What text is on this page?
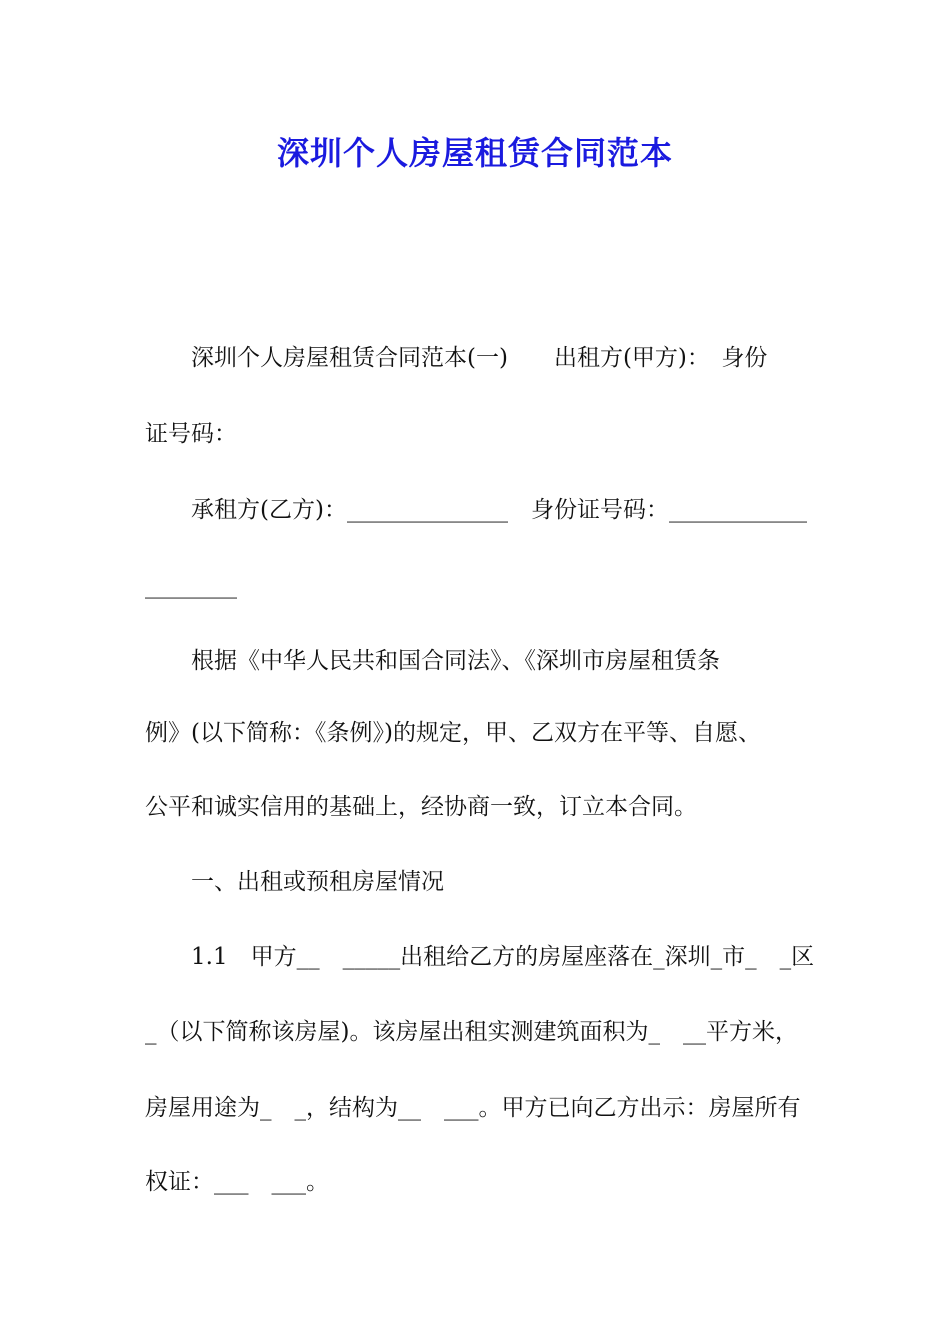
深圳个人房屋租赁合同范本
　　深圳个人房屋租赁合同范本(一)　　出租方(甲方)：　身份
证号码：
　　承租方(乙方)：______________　身份证号码：____________
________
　　根据《中华人民共和国合同法》、《深圳市房屋租赁条
例》(以下简称：《条例》)的规定，甲、乙双方在平等、自愿、
公平和诚实信用的基础上，经协商一致，订立本合同。
　　一、出租或预租房屋情况
　　1.1　甲方__　_____出租给乙方的房屋座落在_深圳_市_　_区
_（以下简称该房屋)。该房屋出租实测建筑面积为_　__平方米，
房屋用途为_　_，结构为__　___。甲方已向乙方出示：房屋所有
权证：___　___。
